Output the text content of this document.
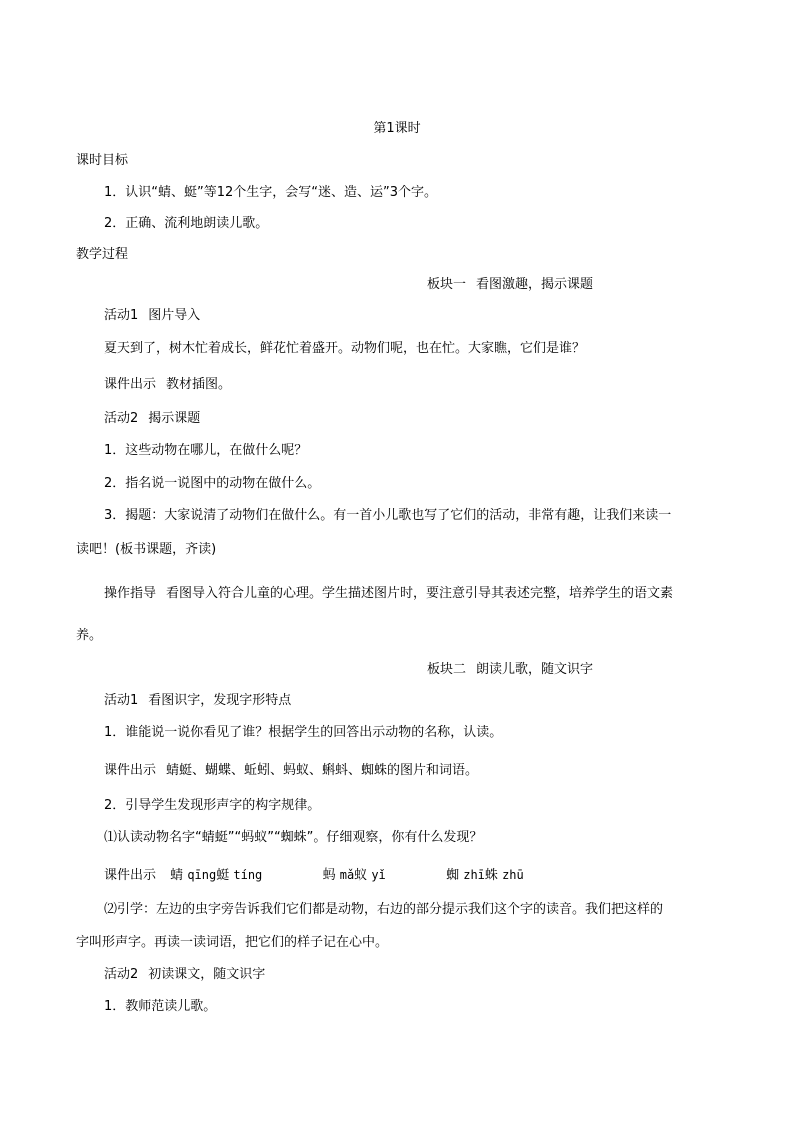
第1课时
课时目标
1．认识“蜻、蜓”等12个生字，会写“迷、造、运”3个字。
2．正确、流利地朗读儿歌。
教学过程
板块一 看图激趣，揭示课题
活动1 图片导入
夏天到了，树木忙着成长，鲜花忙着盛开。动物们呢，也在忙。大家瞧，它们是谁？
课件出示 教材插图。
活动2 揭示课题
1．这些动物在哪儿，在做什么呢？
2．指名说一说图中的动物在做什么。
3．揭题：大家说清了动物们在做什么。有一首小儿歌也写了它们的活动，非常有趣，让我们来读一
读吧！(板书课题，齐读)
操作指导 看图导入符合儿童的心理。学生描述图片时，要注意引导其表述完整，培养学生的语文素
养。
板块二 朗读儿歌，随文识字
活动1 看图识字，发现字形特点
1．谁能说一说你看见了谁？根据学生的回答出示动物的名称，认读。
课件出示 蜻蜓、蝴蝶、蚯蚓、蚂蚁、蝌蚪、蜘蛛的图片和词语。
2．引导学生发现形声字的构字规律。
⑴认读动物名字“蜻蜓”“蚂蚁”“蜘蛛”。仔细观察，你有什么发现？
课件出示 蜻 qīng蜓 tíng	蚂 mǎ蚁 yǐ	蜘 zhī蛛 zhū
⑵引学：左边的虫字旁告诉我们它们都是动物，右边的部分提示我们这个字的读音。我们把这样的
字叫形声字。再读一读词语，把它们的样子记在心中。
活动2 初读课文，随文识字
1．教师范读儿歌。
